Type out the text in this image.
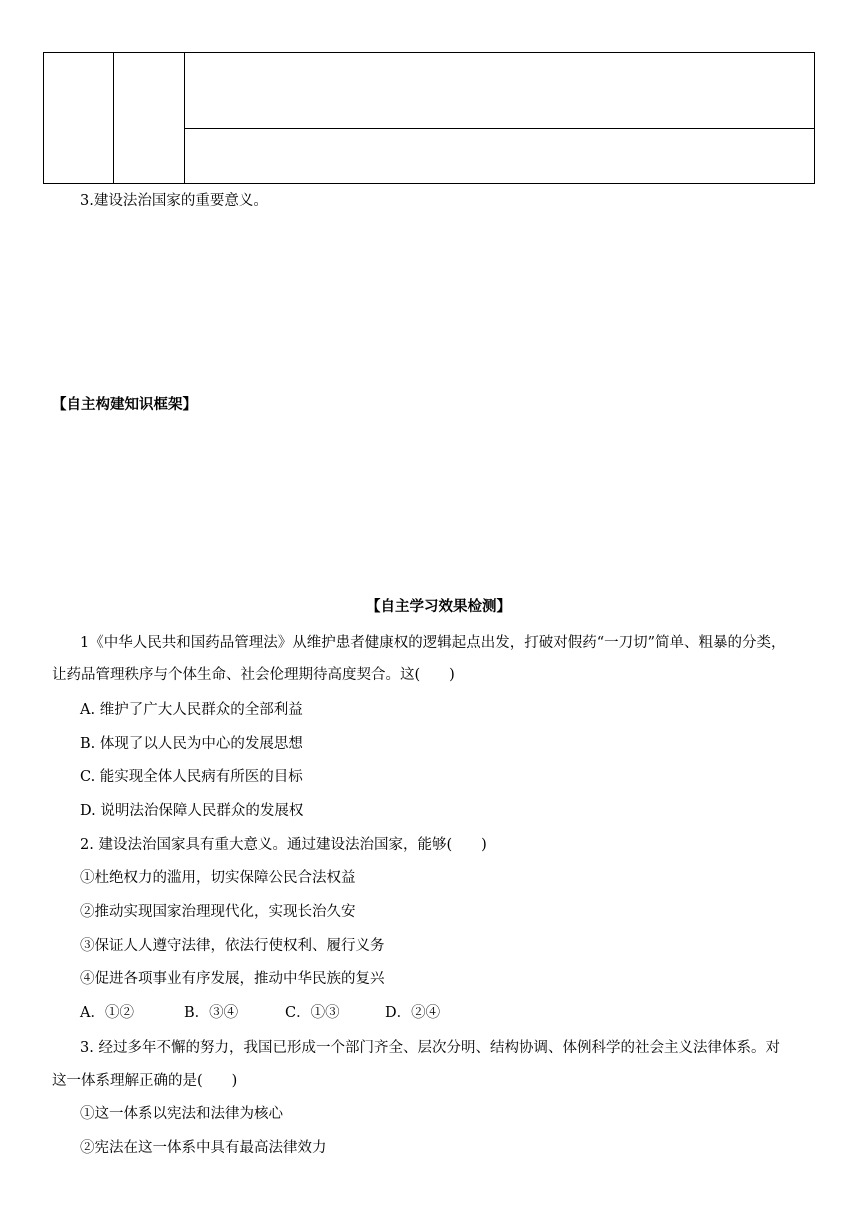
3.建设法治国家的重要意义。
【自主构建知识框架】
【自主学习效果检测】
1《中华人民共和国药品管理法》从维护患者健康权的逻辑起点出发，打破对假药“一刀切”简单、粗暴的分类，
让药品管理秩序与个体生命、社会伦理期待高度契合。这(　　)
A. 维护了广大人民群众的全部利益
B. 体现了以人民为中心的发展思想
C. 能实现全体人民病有所医的目标
D. 说明法治保障人民群众的发展权
2. 建设法治国家具有重大意义。通过建设法治国家，能够(　　)
①杜绝权力的滥用，切实保障公民合法权益
②推动实现国家治理现代化，实现长治久安
③保证人人遵守法律，依法行使权利、履行义务
④促进各项事业有序发展，推动中华民族的复兴
A．①②	B．③④	C．①③	D．②④
3. 经过多年不懈的努力，我国已形成一个部门齐全、层次分明、结构协调、体例科学的社会主义法律体系。对
这一体系理解正确的是(　　)
①这一体系以宪法和法律为核心
②宪法在这一体系中具有最高法律效力
